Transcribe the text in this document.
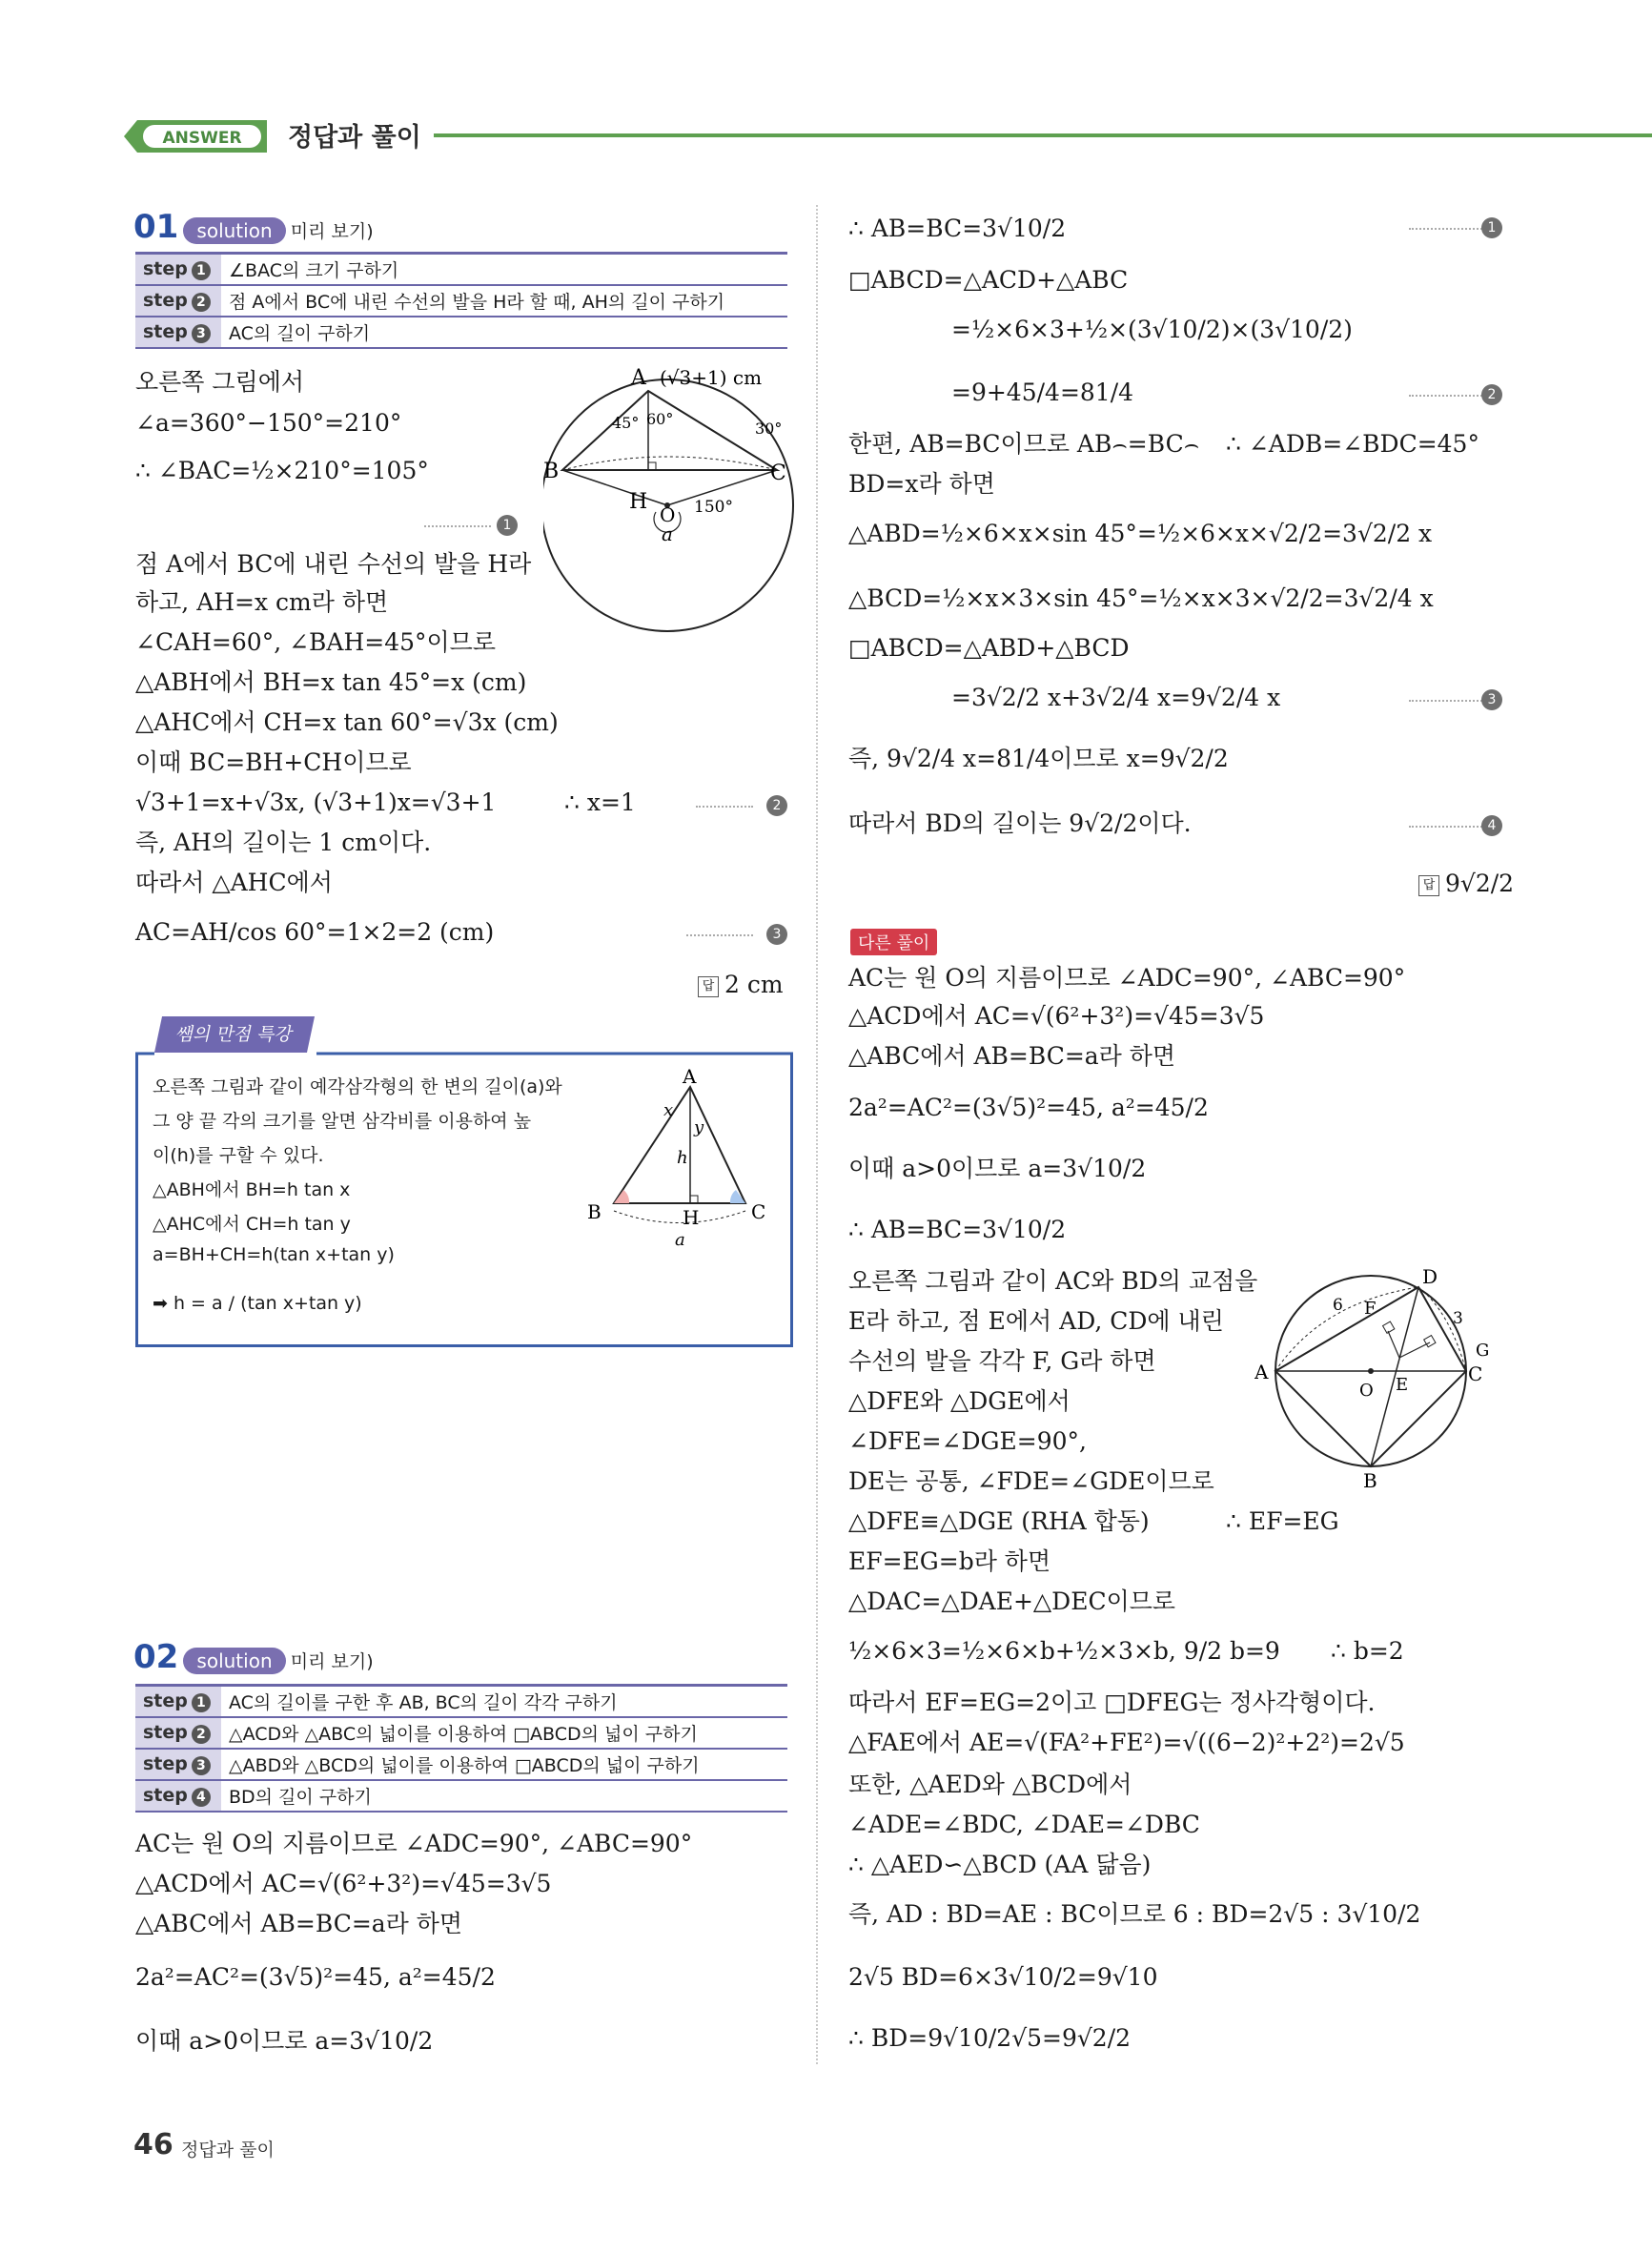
ANSWER 정답과 풀이
01 solution 미리 보기)
step 1	∠BAC의 크기 구하기
step 2	점 A에서 BC에 내린 수선의 발을 H라 할 때, AH의 길이 구하기
step 3	AC의 길이 구하기
오른쪽 그림에서
∠a=360°−150°=210°
∴ ∠BAC=½×210°=105°
1
점 A에서 BC에 내린 수선의 발을 H라
하고, AH=x cm라 하면
∠CAH=60°, ∠BAH=45°이므로
△ABH에서 BH=x tan 45°=x (cm)
△AHC에서 CH=x tan 60°=√3x (cm)
이때 BC=BH+CH이므로
√3+1=x+√3x, (√3+1)x=√3+1	∴ x=1	2
즉, AH의 길이는 1 cm이다.
따라서 △AHC에서
AC=AH/cos 60°=1×2=2 (cm)	3
답 2 cm
A (√3+1) cm
45° 60°
30°
B	C
H
O 150°
a
쌤의 만점 특강
오른쪽 그림과 같이 예각삼각형의 한 변의 길이(a)와
그 양 끝 각의 크기를 알면 삼각비를 이용하여 높
이(h)를 구할 수 있다.
△ABH에서 BH=h tan x
△AHC에서 CH=h tan y
a=BH+CH=h(tan x+tan y)
➡ h = a / (tan x+tan y)
A
x
y
h
B	C
H
a
02 solution 미리 보기)
step 1	AC의 길이를 구한 후 AB, BC의 길이 각각 구하기
step 2	△ACD와 △ABC의 넓이를 이용하여 □ABCD의 넓이 구하기
step 3	△ABD와 △BCD의 넓이를 이용하여 □ABCD의 넓이 구하기
step 4	BD의 길이 구하기
AC는 원 O의 지름이므로 ∠ADC=90°, ∠ABC=90°
△ACD에서 AC=√(6²+3²)=√45=3√5
△ABC에서 AB=BC=a라 하면
2a²=AC²=(3√5)²=45, a²=45/2
이때 a>0이므로 a=3√10/2
∴ AB=BC=3√10/2	1
□ABCD=△ACD+△ABC
=½×6×3+½×(3√10/2)×(3√10/2)
=9+45/4=81/4	2
한편, AB=BC이므로 AB⌢=BC⌢ ∴ ∠ADB=∠BDC=45°
BD=x라 하면
△ABD=½×6×x×sin 45°=½×6×x×√2/2=3√2/2 x
△BCD=½×x×3×sin 45°=½×x×3×√2/2=3√2/4 x
□ABCD=△ABD+△BCD
=3√2/2 x+3√2/4 x=9√2/4 x	3
즉, 9√2/4 x=81/4이므로 x=9√2/2
따라서 BD의 길이는 9√2/2이다.	4
답 9√2/2
다른 풀이
AC는 원 O의 지름이므로 ∠ADC=90°, ∠ABC=90°
△ACD에서 AC=√(6²+3²)=√45=3√5
△ABC에서 AB=BC=a라 하면
2a²=AC²=(3√5)²=45, a²=45/2
이때 a>0이므로 a=3√10/2
∴ AB=BC=3√10/2
오른쪽 그림과 같이 AC와 BD의 교점을
E라 하고, 점 E에서 AD, CD에 내린
수선의 발을 각각 F, G라 하면
△DFE와 △DGE에서
∠DFE=∠DGE=90°,
DE는 공통, ∠FDE=∠GDE이므로
△DFE≡△DGE (RHA 합동)	∴ EF=EG
EF=EG=b라 하면
△DAC=△DAE+△DEC이므로
½×6×3=½×6×b+½×3×b, 9/2 b=9 ∴ b=2
따라서 EF=EG=2이고 □DFEG는 정사각형이다.
△FAE에서 AE=√(FA²+FE²)=√((6−2)²+2²)=2√5
또한, △AED와 △BCD에서
∠ADE=∠BDC, ∠DAE=∠DBC
∴ △AED∽△BCD (AA 닮음)
즉, AD : BD=AE : BC이므로 6 : BD=2√5 : 3√10/2
2√5 BD=6×3√10/2=9√10
∴ BD=9√10/2√5=9√2/2
D
6 F	3
G
A
O E	C
B
46 정답과 풀이
